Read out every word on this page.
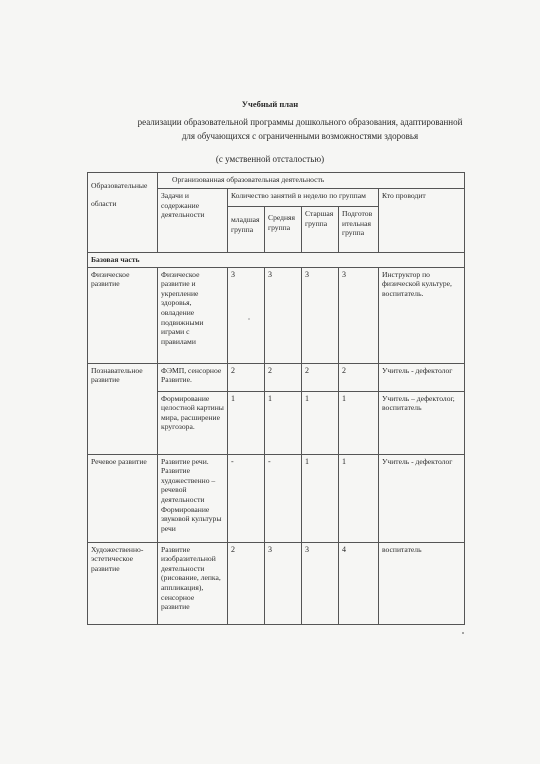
Учебный план
реализации образовательной программы дошкольного образования, адаптированной
для обучающихся с ограниченными возможностями здоровья
(с умственной отсталостью)
Образовательные области	Организованная образовательная деятельность					
	Задачи и содержание деятельности	Количество занятий в неделю по группам				Кто проводит
		младшая группа	Средняя группа	Старшая группа	Подготовительная группа	

Базовая часть						
Физическое развитие	Физическое развитие и укрепление здоровья, овладение подвижными играми с правилами	3	3	3	3	Инструктор по физической культуре, воспитатель.
Познавательное развитие	ФЭМП, сенсорное Развитие.	2	2	2	2	Учитель - дефектолог
	Формирование целостной картины мира, расширение кругозора.	1	1	1	1	Учитель – дефектолог, воспитатель
Речевое развитие	Развитие речи. Развитие художественно – речевой деятельности Формирование звуковой культуры речи	-	-	1	1	Учитель - дефектолог
Художественно-эстетическое развитие	Развитие изобразительной деятельности (рисование, лепка, аппликация), сенсорное развитие	2	3	3	4	воспитатель
